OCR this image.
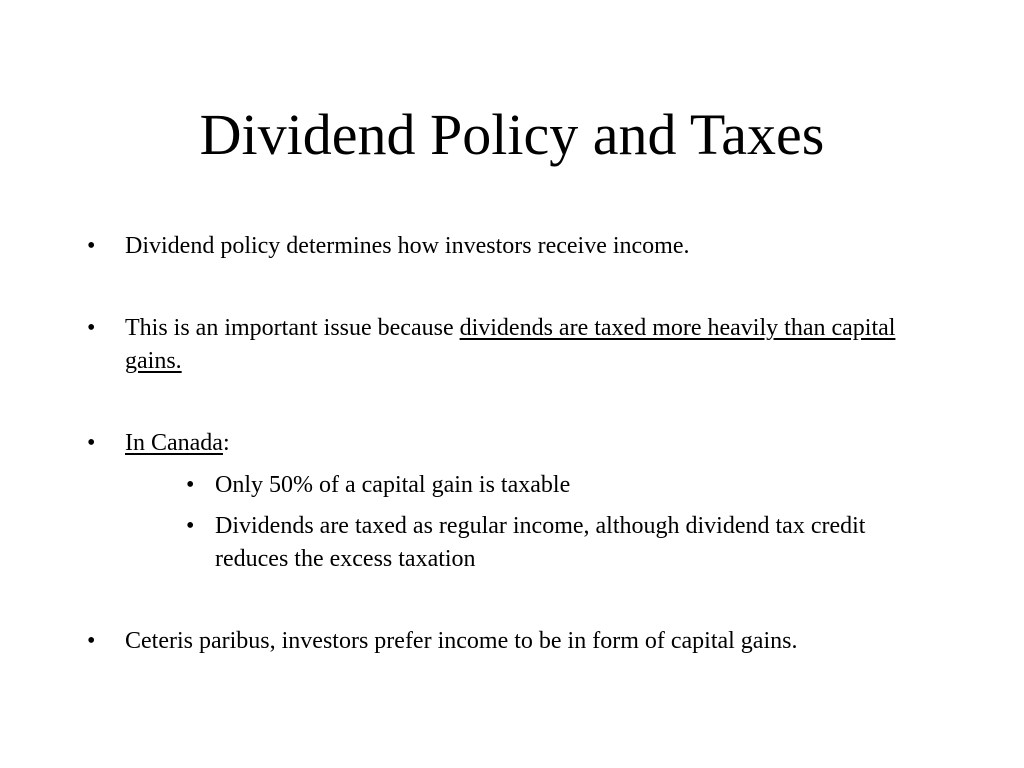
Dividend Policy and Taxes
• Dividend policy determines how investors receive income.
• This is an important issue because dividends are taxed more heavily than capital gains.
• In Canada:
• Only 50% of a capital gain is taxable
• Dividends are taxed as regular income, although dividend tax credit reduces the excess taxation
• Ceteris paribus, investors prefer income to be in form of capital gains.
